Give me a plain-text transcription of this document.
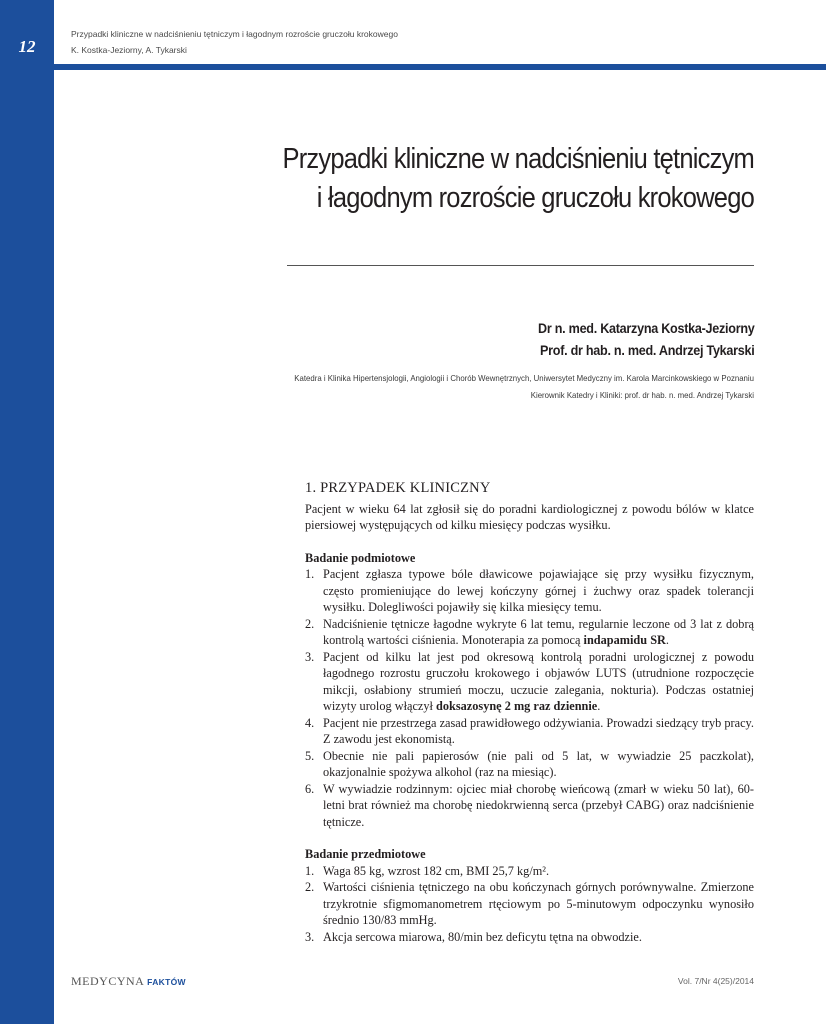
12
Przypadki kliniczne w nadciśnieniu tętniczym i łagodnym rozroście gruczołu krokowego
K. Kostka-Jeziorny, A. Tykarski
Przypadki kliniczne w nadciśnieniu tętniczym
i łagodnym rozroście gruczołu krokowego
Dr n. med. Katarzyna Kostka-Jeziorny
Prof. dr hab. n. med. Andrzej Tykarski
Katedra i Klinika Hipertensjologii, Angiologii i Chorób Wewnętrznych, Uniwersytet Medyczny im. Karola Marcinkowskiego w Poznaniu
Kierownik Katedry i Kliniki: prof. dr hab. n. med. Andrzej Tykarski
1. PRZYPADEK KLINICZNY

Pacjent w wieku 64 lat zgłosił się do poradni kardiologicznej z powodu bólów w klatce piersiowej występujących od kilku miesięcy podczas wysiłku.

Badanie podmiotowe

1. Pacjent zgłasza typowe bóle dławicowe pojawiające się przy wysiłku fizycznym, często promieniujące do lewej kończyny górnej i żuchwy oraz spadek tolerancji wysiłku. Dolegliwości pojawiły się kilka miesięcy temu.
2. Nadciśnienie tętnicze łagodne wykryte 6 lat temu, regularnie leczone od 3 lat z dobrą kontrolą wartości ciśnienia. Monoterapia za pomocą indapamidu SR.
3. Pacjent od kilku lat jest pod okresową kontrolą poradni urologicznej z powodu łagodnego rozrostu gruczołu krokowego i objawów LUTS (utrudnione rozpoczęcie mikcji, osłabiony strumień moczu, uczucie zalegania, nokturia). Podczas ostatniej wizyty urolog włączył doksazosynę 2 mg raz dziennie.
4. Pacjent nie przestrzega zasad prawidłowego odżywiania. Prowadzi siedzący tryb pracy. Z zawodu jest ekonomistą.
5. Obecnie nie pali papierosów (nie pali od 5 lat, w wywiadzie 25 paczkolat), okazjonalnie spożywa alkohol (raz na miesiąc).
6. W wywiadzie rodzinnym: ojciec miał chorobę wieńcową (zmarł w wieku 50 lat), 60-letni brat również ma chorobę niedokrwienną serca (przebył CABG) oraz nadciśnienie tętnicze.

Badanie przedmiotowe

1. Waga 85 kg, wzrost 182 cm, BMI 25,7 kg/m².
2. Wartości ciśnienia tętniczego na obu kończynach górnych porównywalne. Zmierzone trzykrotnie sfigmomanometrem rtęciowym po 5-minutowym odpoczynku wynosiło średnio 130/83 mmHg.
3. Akcja sercowa miarowa, 80/min bez deficytu tętna na obwodzie.
MEDYCYNA FAKTÓW	Vol. 7/Nr 4(25)/2014
